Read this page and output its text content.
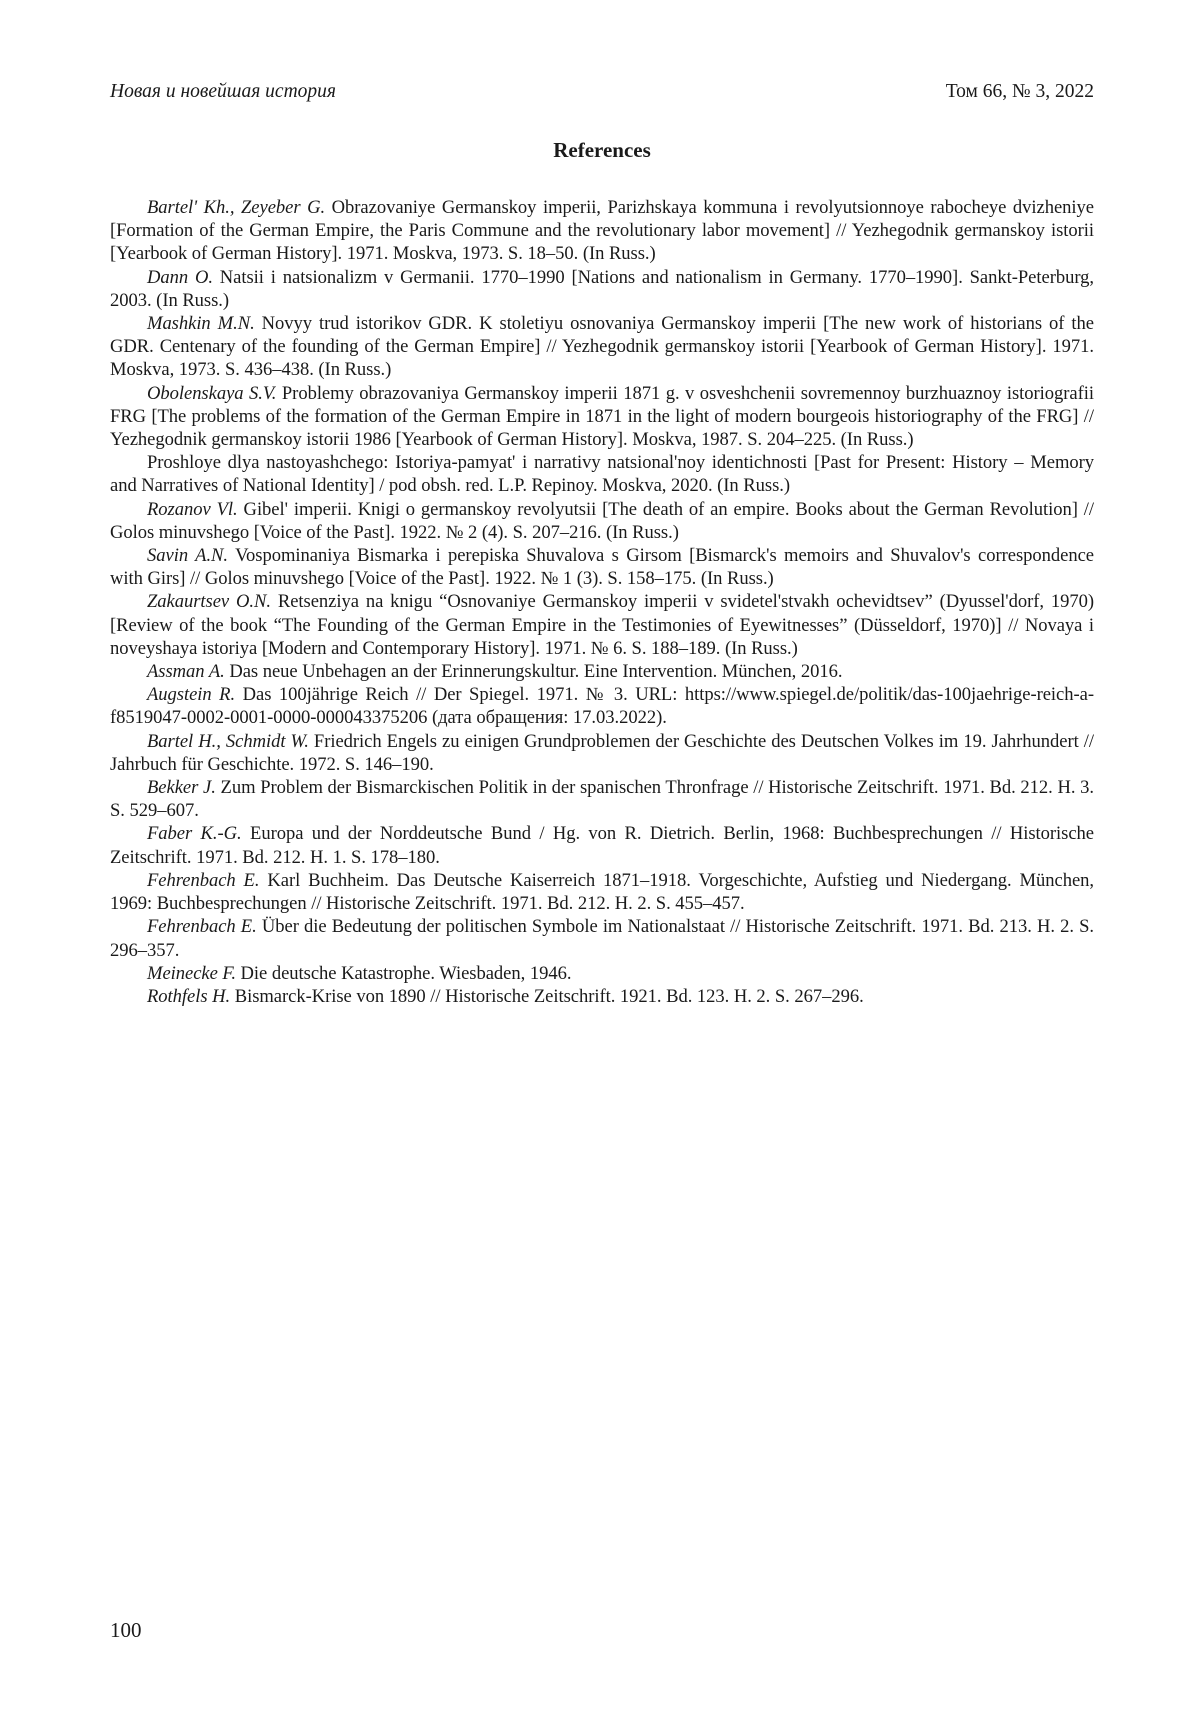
Новая и новейшая история	Том 66, № 3, 2022
References
Bartel' Kh., Zeyeber G. Obrazovaniye Germanskoy imperii, Parizhskaya kommuna i revolyutsionnoye rabocheye dvizheniye [Formation of the German Empire, the Paris Commune and the revolutionary labor movement] // Yezhegodnik germanskoy istorii [Yearbook of German History]. 1971. Moskva, 1973. S. 18–50. (In Russ.)
Dann O. Natsii i natsionalizm v Germanii. 1770–1990 [Nations and nationalism in Germany. 1770–1990]. Sankt-Peterburg, 2003. (In Russ.)
Mashkin M.N. Novyy trud istorikov GDR. K stoletiyu osnovaniya Germanskoy imperii [The new work of historians of the GDR. Centenary of the founding of the German Empire] // Yezhegodnik germanskoy istorii [Yearbook of German History]. 1971. Moskva, 1973. S. 436–438. (In Russ.)
Obolenskaya S.V. Problemy obrazovaniya Germanskoy imperii 1871 g. v osveshchenii sovremennoy burzhuaznoy istoriografii FRG [The problems of the formation of the German Empire in 1871 in the light of modern bourgeois historiography of the FRG] // Yezhegodnik germanskoy istorii 1986 [Yearbook of German History]. Moskva, 1987. S. 204–225. (In Russ.)
Proshloye dlya nastoyashchego: Istoriya-pamyat' i narrativy natsional'noy identichnosti [Past for Present: History – Memory and Narratives of National Identity] / pod obsh. red. L.P. Repinoy. Moskva, 2020. (In Russ.)
Rozanov Vl. Gibel' imperii. Knigi o germanskoy revolyutsii [The death of an empire. Books about the German Revolution] // Golos minuvshego [Voice of the Past]. 1922. № 2 (4). S. 207–216. (In Russ.)
Savin A.N. Vospominaniya Bismarka i perepiska Shuvalova s Girsom [Bismarck's memoirs and Shuvalov's correspondence with Girs] // Golos minuvshego [Voice of the Past]. 1922. № 1 (3). S. 158–175. (In Russ.)
Zakaurtsev O.N. Retsenziya na knigu “Osnovaniye Germanskoy imperii v svidetel'stvakh ochevidtsev” (Dyussel'dorf, 1970) [Review of the book “The Founding of the German Empire in the Testimonies of Eyewitnesses” (Düsseldorf, 1970)] // Novaya i noveyshaya istoriya [Modern and Contemporary History]. 1971. № 6. S. 188–189. (In Russ.)
Assman A. Das neue Unbehagen an der Erinnerungskultur. Eine Intervention. München, 2016.
Augstein R. Das 100jährige Reich // Der Spiegel. 1971. № 3. URL: https://www.spiegel.de/politik/das-100jaehrige-reich-a-f8519047-0002-0001-0000-000043375206 (дата обращения: 17.03.2022).
Bartel H., Schmidt W. Friedrich Engels zu einigen Grundproblemen der Geschichte des Deutschen Volkes im 19. Jahrhundert // Jahrbuch für Geschichte. 1972. S. 146–190.
Bekker J. Zum Problem der Bismarckischen Politik in der spanischen Thronfrage // Historische Zeitschrift. 1971. Bd. 212. H. 3. S. 529–607.
Faber K.-G. Europa und der Norddeutsche Bund / Hg. von R. Dietrich. Berlin, 1968: Buchbesprechungen // Historische Zeitschrift. 1971. Bd. 212. H. 1. S. 178–180.
Fehrenbach E. Karl Buchheim. Das Deutsche Kaiserreich 1871–1918. Vorgeschichte, Aufstieg und Niedergang. München, 1969: Buchbesprechungen // Historische Zeitschrift. 1971. Bd. 212. H. 2. S. 455–457.
Fehrenbach E. Über die Bedeutung der politischen Symbole im Nationalstaat // Historische Zeitschrift. 1971. Bd. 213. H. 2. S. 296–357.
Meinecke F. Die deutsche Katastrophe. Wiesbaden, 1946.
Rothfels H. Bismarck-Krise von 1890 // Historische Zeitschrift. 1921. Bd. 123. H. 2. S. 267–296.
100
